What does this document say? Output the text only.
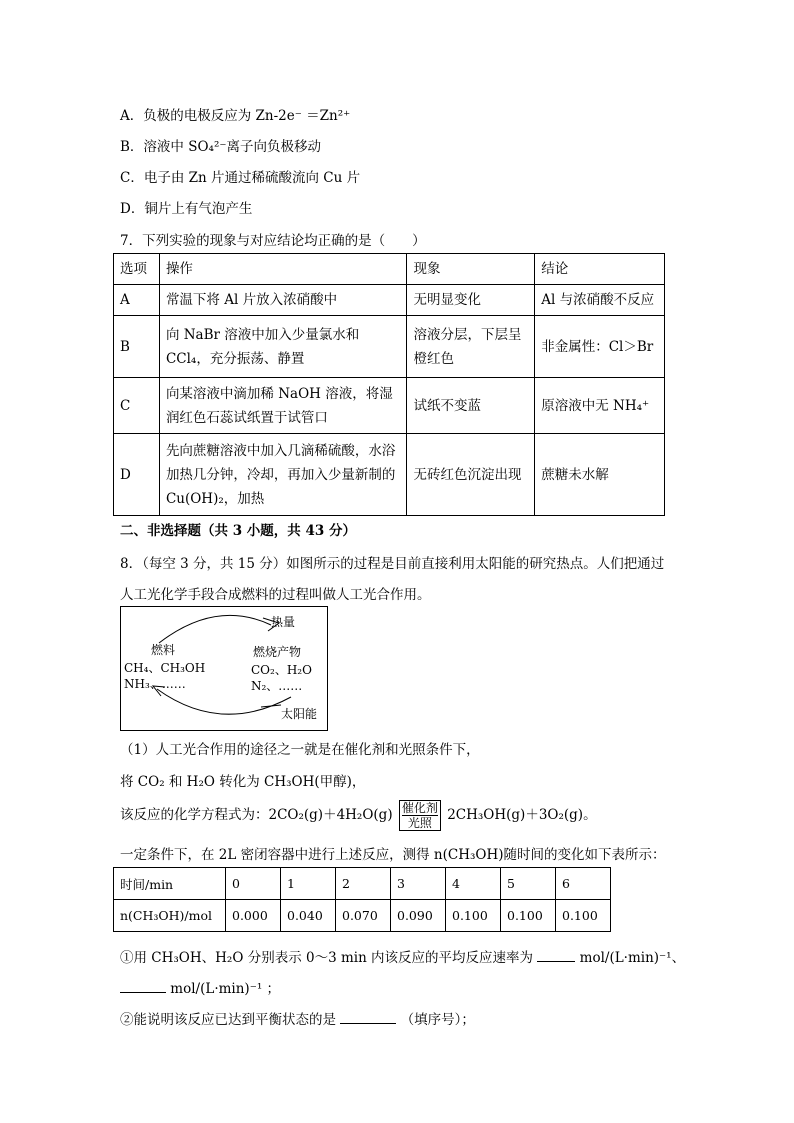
A．负极的电极反应为 Zn-2e⁻ ＝Zn²⁺
B．溶液中 SO₄²⁻离子向负极移动
C．电子由 Zn 片通过稀硫酸流向 Cu 片
D．铜片上有气泡产生
7．下列实验的现象与对应结论均正确的是（　　）
选项	操作	现象	结论
A	常温下将 Al 片放入浓硝酸中	无明显变化	Al 与浓硝酸不反应
B	向 NaBr 溶液中加入少量氯水和 CCl₄，充分振荡、静置	溶液分层，下层呈橙红色	非金属性：Cl＞Br
C	向某溶液中滴加稀 NaOH 溶液，将湿润红色石蕊试纸置于试管口	试纸不变蓝	原溶液中无 NH₄⁺
D	先向蔗糖溶液中加入几滴稀硫酸，水浴加热几分钟，冷却，再加入少量新制的 Cu(OH)₂，加热	无砖红色沉淀出现	蔗糖未水解
二、非选择题（共 3 小题，共 43 分）
8．（每空 3 分，共 15 分）如图所示的过程是目前直接利用太阳能的研究热点。人们把通过
人工光化学手段合成燃料的过程叫做人工光合作用。
热量
燃料
CH₄、CH₃OH
NH₃、……
燃烧产物
CO₂、H₂O
N₂、……
太阳能
（1）人工光合作用的途径之一就是在催化剂和光照条件下，
将 CO₂ 和 H₂O 转化为 CH₃OH(甲醇)，
该反应的化学方程式为：2CO₂(g)＋4H₂O(g) 催化剂
光照	2CH₃OH(g)＋3O₂(g)。
一定条件下，在 2L 密闭容器中进行上述反应，测得 n(CH₃OH)随时间的变化如下表所示：
时间/min	0	1	2	3	4	5	6
n(CH₃OH)/mol	0.000	0.040	0.070	0.090	0.100	0.100	0.100
①用 CH₃OH、H₂O 分别表示 0～3 min 内该反应的平均反应速率为	mol/(L·min)⁻¹、
mol/(L·min)⁻¹ ；
②能说明该反应已达到平衡状态的是	（填序号）；
